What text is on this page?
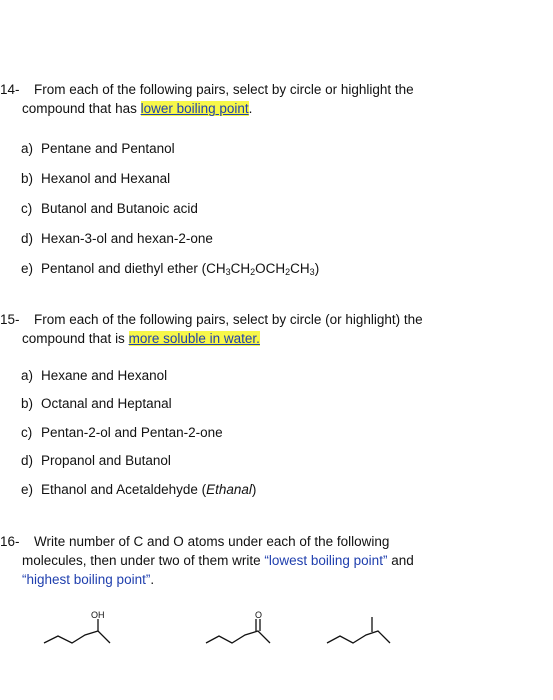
14- From each of the following pairs, select by circle or highlight the
compound that has lower boiling point.
a) Pentane and Pentanol
b) Hexanol and Hexanal
c) Butanol and Butanoic acid
d) Hexan-3-ol and hexan-2-one
e) Pentanol and diethyl ether $(CH_3CH_2OCH_2CH_3)$
15- From each of the following pairs, select by circle (or highlight) the
compound that is more soluble in water.
a) Hexane and Hexanol
b) Octanal and Heptanal
c) Pentan-2-ol and Pentan-2-one
d) Propanol and Butanol
e) Ethanol and Acetaldehyde (Ethanal)
16- Write number of C and O atoms under each of the following
molecules, then under two of them write “lowest boiling point” and
“highest boiling point”.
OH	O
